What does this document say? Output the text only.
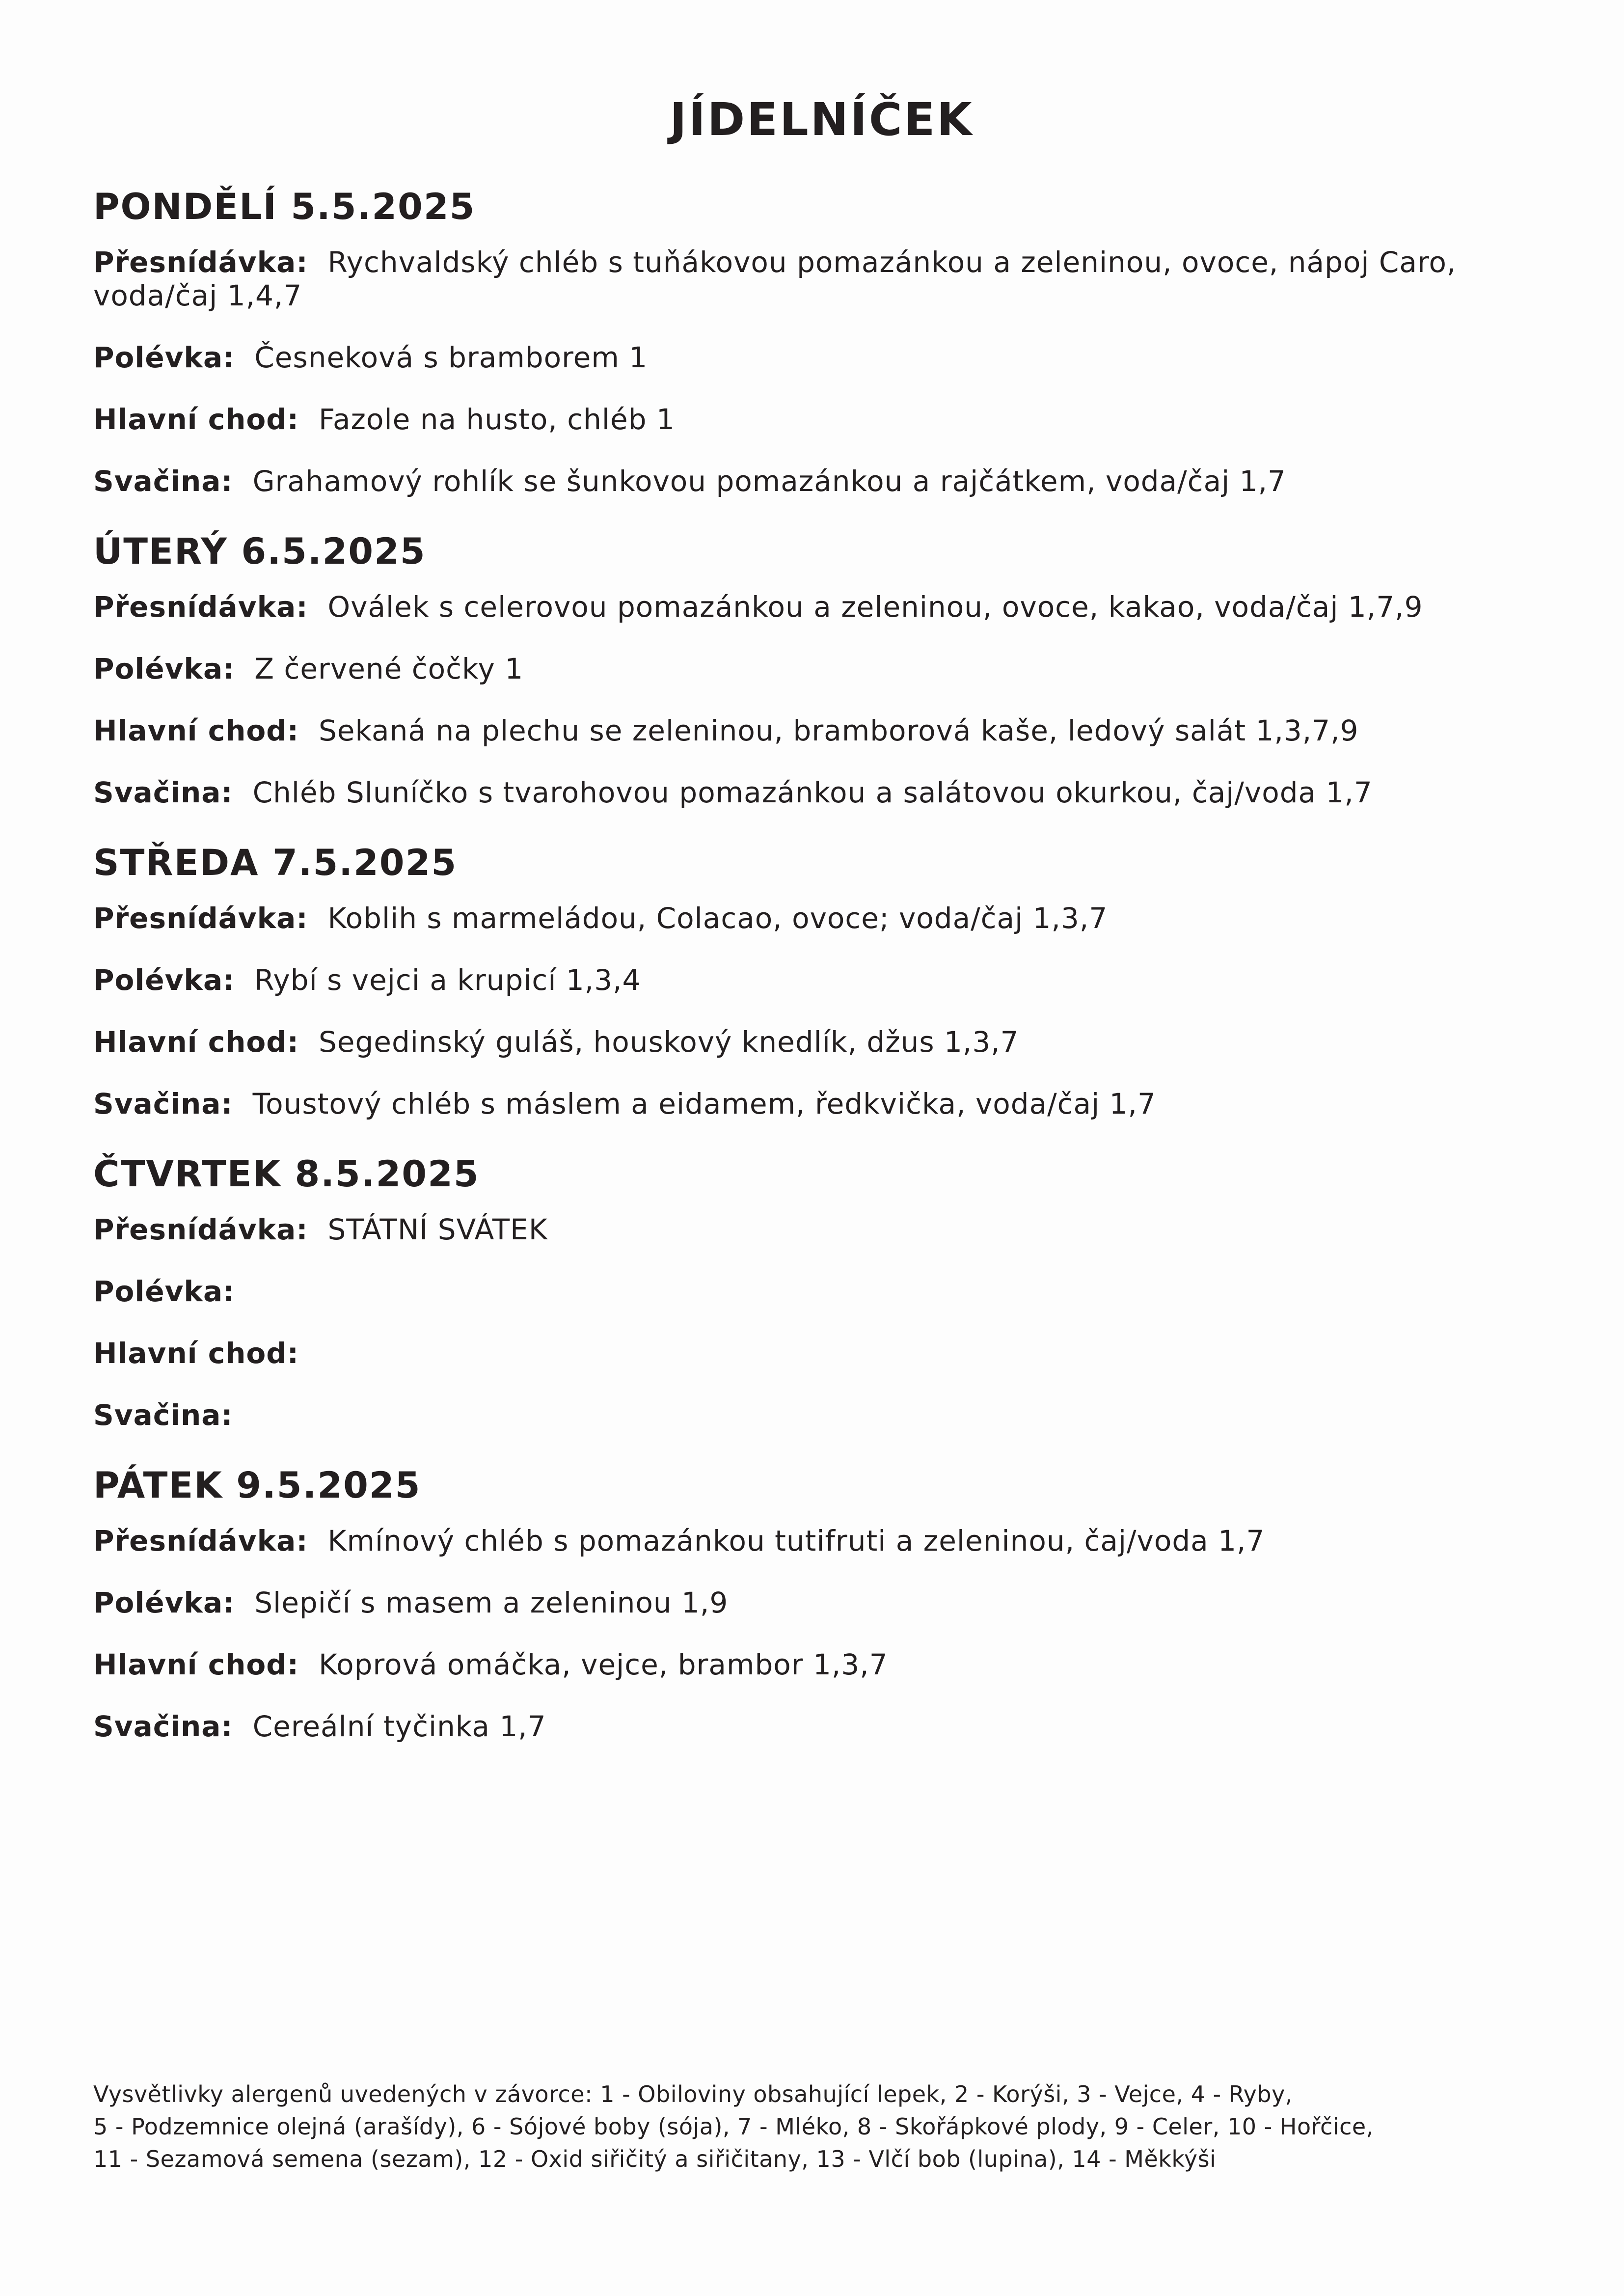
JÍDELNÍČEK
PONDĚLÍ 5.5.2025

Přesnídávka: Rychvaldský chléb s tuňákovou pomazánkou a zeleninou, ovoce, nápoj Caro, voda/čaj 1,4,7

Polévka: Česneková s bramborem 1

Hlavní chod: Fazole na husto, chléb 1

Svačina: Grahamový rohlík se šunkovou pomazánkou a rajčátkem, voda/čaj 1,7

ÚTERÝ 6.5.2025

Přesnídávka: Oválek s celerovou pomazánkou a zeleninou, ovoce, kakao, voda/čaj 1,7,9

Polévka: Z červené čočky 1

Hlavní chod: Sekaná na plechu se zeleninou, bramborová kaše, ledový salát 1,3,7,9

Svačina: Chléb Sluníčko s tvarohovou pomazánkou a salátovou okurkou, čaj/voda 1,7

STŘEDA 7.5.2025

Přesnídávka: Koblih s marmeládou, Colacao, ovoce; voda/čaj 1,3,7

Polévka: Rybí s vejci a krupicí 1,3,4

Hlavní chod: Segedinský guláš, houskový knedlík, džus 1,3,7

Svačina: Toustový chléb s máslem a eidamem, ředkvička, voda/čaj 1,7

ČTVRTEK 8.5.2025

Přesnídávka: STÁTNÍ SVÁTEK

Polévka:

Hlavní chod:

Svačina:

PÁTEK 9.5.2025

Přesnídávka: Kmínový chléb s pomazánkou tutifruti a zeleninou, čaj/voda 1,7

Polévka: Slepičí s masem a zeleninou 1,9

Hlavní chod: Koprová omáčka, vejce, brambor 1,3,7

Svačina: Cereální tyčinka 1,7

Vysvětlivky alergenů uvedených v závorce: 1 - Obiloviny obsahující lepek, 2 - Korýši, 3 - Vejce, 4 - Ryby,
5 - Podzemnice olejná (arašídy), 6 - Sójové boby (sója), 7 - Mléko, 8 - Skořápkové plody, 9 - Celer, 10 - Hořčice,
11 - Sezamová semena (sezam), 12 - Oxid siřičitý a siřičitany, 13 - Vlčí bob (lupina), 14 - Měkkýši
